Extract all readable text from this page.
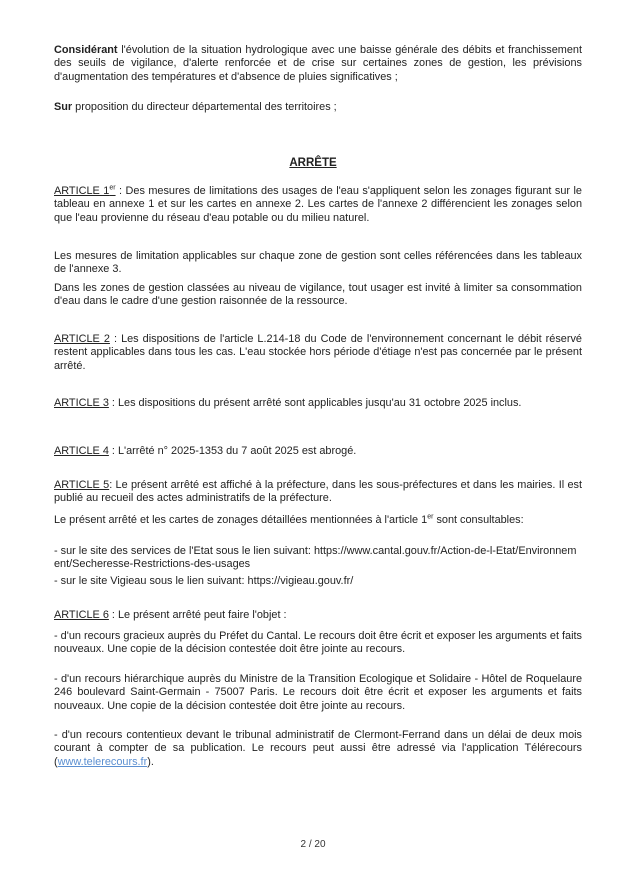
Considérant l'évolution de la situation hydrologique avec une baisse générale des débits et franchissement des seuils de vigilance, d'alerte renforcée et de crise sur certaines zones de gestion, les prévisions d'augmentation des températures et d'absence de pluies significatives ;

Sur proposition du directeur départemental des territoires ;

ARRÊTE

ARTICLE 1er : Des mesures de limitations des usages de l'eau s'appliquent selon les zonages figurant sur le tableau en annexe 1 et sur les cartes en annexe 2. Les cartes de l'annexe 2 différencient les zonages selon que l'eau provienne du réseau d'eau potable ou du milieu naturel.

Les mesures de limitation applicables sur chaque zone de gestion sont celles référencées dans les tableaux de l'annexe 3.

Dans les zones de gestion classées au niveau de vigilance, tout usager est invité à limiter sa consommation d'eau dans le cadre d'une gestion raisonnée de la ressource.

ARTICLE 2 : Les dispositions de l'article L.214-18 du Code de l'environnement concernant le débit réservé restent applicables dans tous les cas. L'eau stockée hors période d'étiage n'est pas concernée par le présent arrêté.

ARTICLE 3 : Les dispositions du présent arrêté sont applicables jusqu'au 31 octobre 2025 inclus.

ARTICLE 4 : L'arrêté n° 2025-1353 du 7 août 2025 est abrogé.

ARTICLE 5: Le présent arrêté est affiché à la préfecture, dans les sous-préfectures et dans les mairies. Il est publié au recueil des actes administratifs de la préfecture.

Le présent arrêté et les cartes de zonages détaillées mentionnées à l'article 1er sont consultables:

- sur le site des services de l'Etat sous le lien suivant: https://www.cantal.gouv.fr/Action-de-l-Etat/Environnement/Secheresse-Restrictions-des-usages

- sur le site Vigieau sous le lien suivant: https://vigieau.gouv.fr/

ARTICLE 6 : Le présent arrêté peut faire l'objet :

- d'un recours gracieux auprès du Préfet du Cantal. Le recours doit être écrit et exposer les arguments et faits nouveaux. Une copie de la décision contestée doit être jointe au recours.

- d'un recours hiérarchique auprès du Ministre de la Transition Ecologique et Solidaire - Hôtel de Roquelaure 246 boulevard Saint-Germain - 75007 Paris. Le recours doit être écrit et exposer les arguments et faits nouveaux. Une copie de la décision contestée doit être jointe au recours.

- d'un recours contentieux devant le tribunal administratif de Clermont-Ferrand dans un délai de deux mois courant à compter de sa publication. Le recours peut aussi être adressé via l'application Télérecours (www.telerecours.fr).

2 / 20
